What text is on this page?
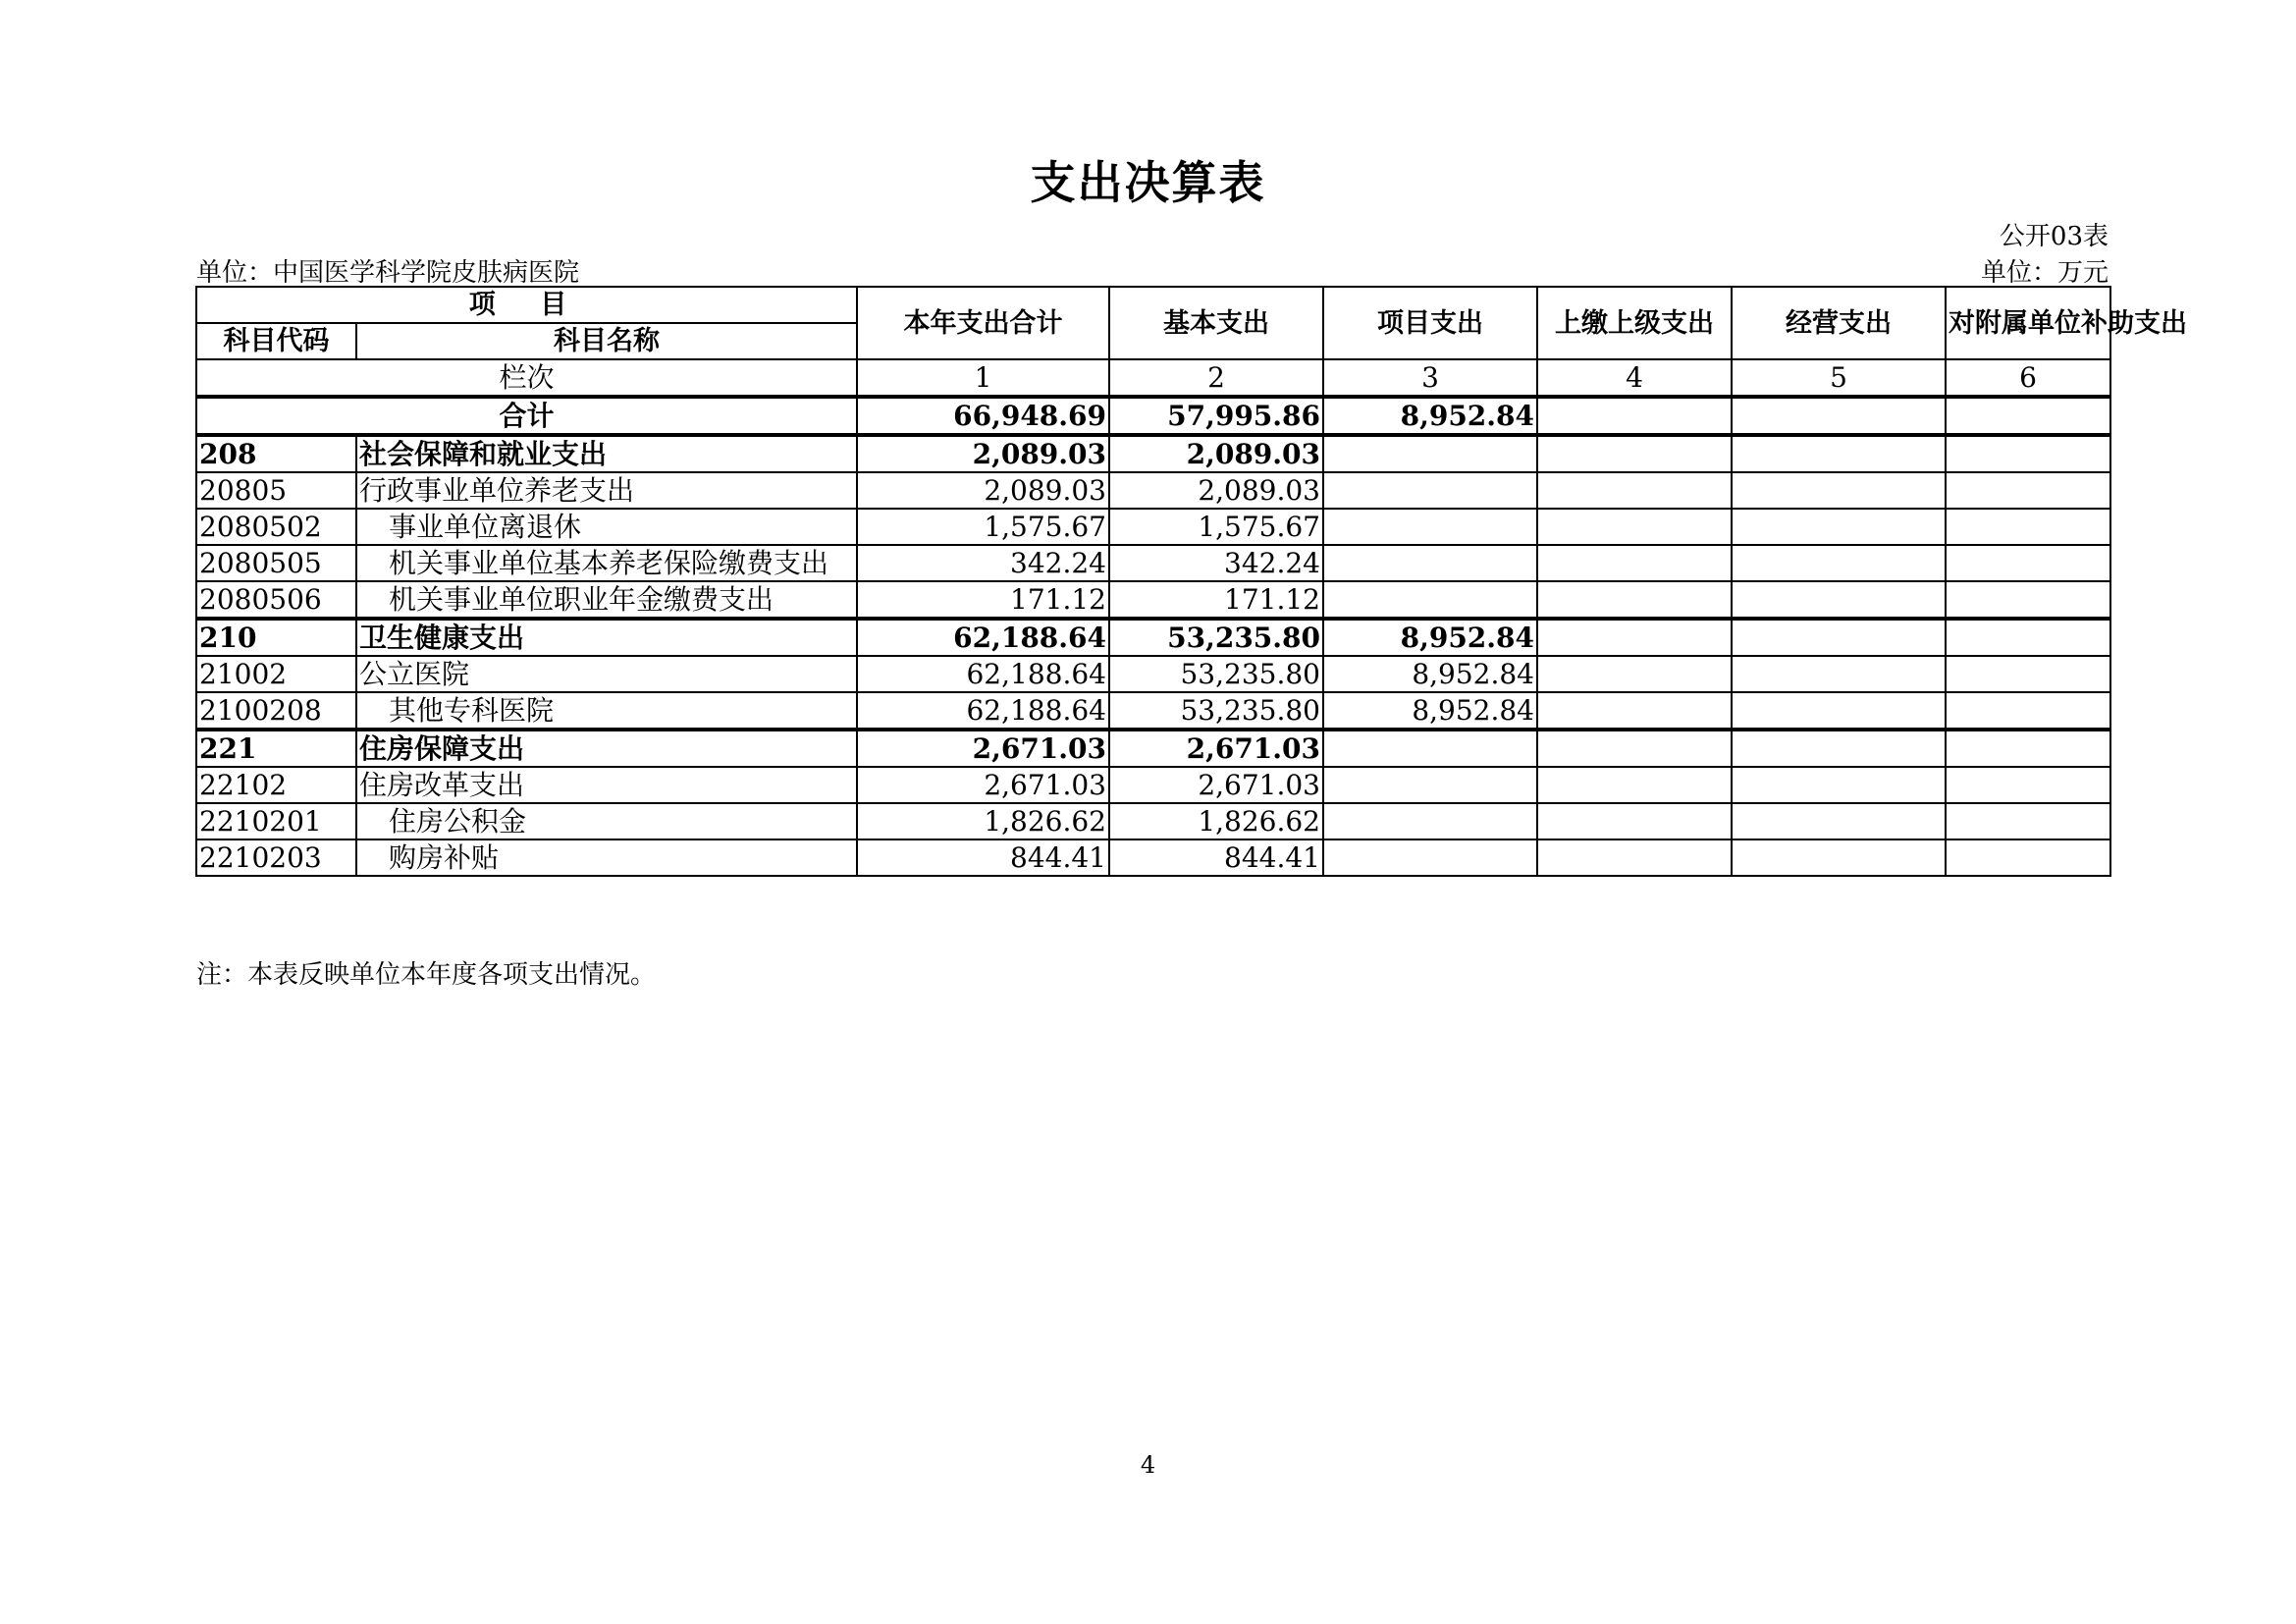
支出决算表
公开03表
单位：中国医学科学院皮肤病医院	单位：万元
项 目		本年支出合计	基本支出	项目支出	上缴上级支出	经营支出	对附属单位补助支出
科目代码	科目名称						
栏次		1	2	3	4	5	6
合计		66,948.69	57,995.86	8,952.84			
208	社会保障和就业支出	2,089.03	2,089.03				
20805	行政事业单位养老支出	2,089.03	2,089.03				
2080502	事业单位离退休	1,575.67	1,575.67				
2080505	机关事业单位基本养老保险缴费支出	342.24	342.24				
2080506	机关事业单位职业年金缴费支出	171.12	171.12				
210	卫生健康支出	62,188.64	53,235.80	8,952.84			
21002	公立医院	62,188.64	53,235.80	8,952.84			
2100208	其他专科医院	62,188.64	53,235.80	8,952.84			
221	住房保障支出	2,671.03	2,671.03				
22102	住房改革支出	2,671.03	2,671.03				
2210201	住房公积金	1,826.62	1,826.62				
2210203	购房补贴	844.41	844.41				
注：本表反映单位本年度各项支出情况。
4
